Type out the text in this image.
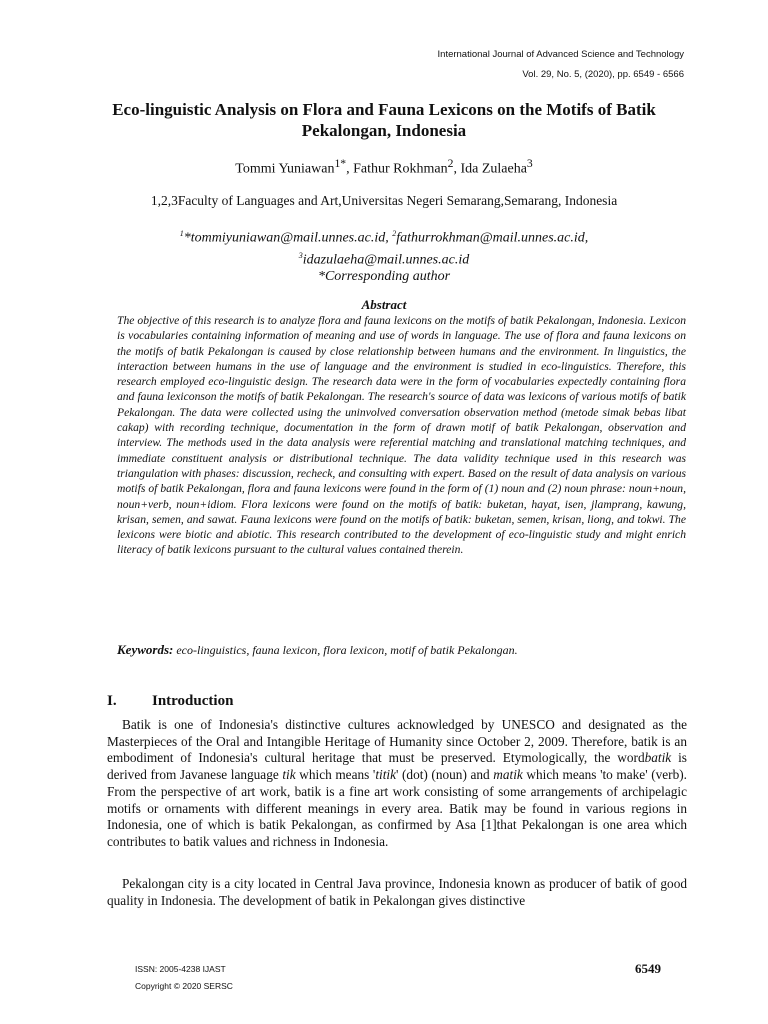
International Journal of Advanced Science and Technology
Vol. 29, No. 5, (2020), pp. 6549 - 6566
Eco-linguistic Analysis on Flora and Fauna Lexicons on the Motifs of Batik Pekalongan, Indonesia
Tommi Yuniawan$^{1*}$, Fathur Rokhman$^2$, Ida Zulaeha$^3$
1,2,3Faculty of Languages and Art,Universitas Negeri Semarang,Semarang, Indonesia
$^1$*tommiyuniawan@mail.unnes.ac.id, $^2$fathurrokhman@mail.unnes.ac.id,
$^3$idazulaeha@mail.unnes.ac.id
*Corresponding author
Abstract

The objective of this research is to analyze flora and fauna lexicons on the motifs of batik Pekalongan, Indonesia. Lexicon is vocabularies containing information of meaning and use of words in language. The use of flora and fauna lexicons on the motifs of batik Pekalongan is caused by close relationship between humans and the environment. In linguistics, the interaction between humans in the use of language and the environment is studied in eco-linguistics. Therefore, this research employed eco-linguistic design. The research data were in the form of vocabularies expectedly containing flora and fauna lexiconson the motifs of batik Pekalongan. The research's source of data was lexicons of various motifs of batik Pekalongan. The data were collected using the uninvolved conversation observation method (metode simak bebas libat cakap) with recording technique, documentation in the form of drawn motif of batik Pekalongan, observation and interview. The methods used in the data analysis were referential matching and translational matching techniques, and immediate constituent analysis or distributional technique. The data validity technique used in this research was triangulation with phases: discussion, recheck, and consulting with expert. Based on the result of data analysis on various motifs of batik Pekalongan, flora and fauna lexicons were found in the form of (1) noun and (2) noun phrase: noun+noun, noun+verb, noun+idiom. Flora lexicons were found on the motifs of batik: buketan, hayat, isen, jlamprang, kawung, krisan, semen, and sawat. Fauna lexicons were found on the motifs of batik: buketan, semen, krisan, liong, and tokwi. The lexicons were biotic and abiotic. This research contributed to the development of eco-linguistic study and might enrich literacy of batik lexicons pursuant to the cultural values contained therein.

Keywords: eco-linguistics, fauna lexicon, flora lexicon, motif of batik Pekalongan.

I. Introduction

Batik is one of Indonesia's distinctive cultures acknowledged by UNESCO and designated as the Masterpieces of the Oral and Intangible Heritage of Humanity since October 2, 2009. Therefore, batik is an embodiment of Indonesia's cultural heritage that must be preserved. Etymologically, the wordbatik is derived from Javanese language tik which means 'titik' (dot) (noun) and matik which means 'to make' (verb). From the perspective of art work, batik is a fine art work consisting of some arrangements of archipelagic motifs or ornaments with different meanings in every area. Batik may be found in various regions in Indonesia, one of which is batik Pekalongan, as confirmed by Asa [1]that Pekalongan is one area which contributes to batik values and richness in Indonesia.

Pekalongan city is a city located in Central Java province, Indonesia known as producer of batik of good quality in Indonesia. The development of batik in Pekalongan gives distinctive

ISSN: 2005-4238 IJAST
Copyright © 2020 SERSC
6549
